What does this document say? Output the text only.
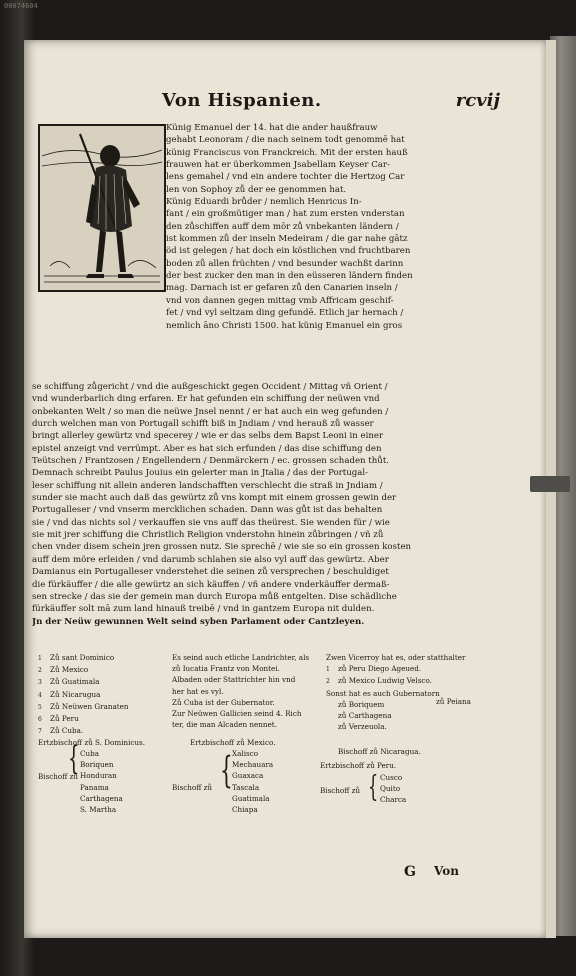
00074604
Von Hispanien.	rcvij
Künig Emanuel der 14. hat die ander haußfrauw
gehabt Leonoram / die nach seinem todt genommē hat
künig Franciscus von Franckreich. Mit der ersten hauß
frauwen hat er überkommen Jsabellam Keyser Car-
lens gemahel / vnd ein andere tochter die Hertzog Car
len von Sophoy zů der ee genommen hat.
Künig Eduardi brůder / nemlich Henricus In-
fant / ein großmütiger man / hat zum ersten vnderstan
den zůschiffen auff dem mōr zů vnbekanten ländern /
ist kommen zů der inseln Medeiram / die gar nahe gātz
öd ist gelegen / hat doch ein köstlichen vnd fruchtbaren
boden zů allen früchten / vnd besunder wachßt darinn
der best zucker den man in den eüsseren ländern finden
mag. Darnach ist er gefaren zů den Canarien inseln /
vnd von dannen gegen mittag vmb Affricam geschif-
fet / vnd vyl seltzam ding gefundē. Etlich jar hernach /
nemlich āno Christi 1500. hat künig Emanuel ein gros
se schiffung zůgericht / vnd die außgeschickt gegen Occident / Mittag vñ Orient /
vnd wunderbarlich ding erfaren. Er hat gefunden ein schiffung der neüwen vnd
onbekanten Welt / so man die neüwe Jnsel nennt / er hat auch ein weg gefunden /
durch welchen man von Portugall schifft biß in Jndiam / vnd herauß zů wasser
bringt allerley gewürtz vnd specerey / wie er das selbs dem Bapst Leoni in einer
epistel anzeigt vnd verrümpt. Aber es hat sich erfunden / das dise schiffung den
Teütschen / Frantzosen / Engellendern / Denmärckern / ec. grossen schaden thůt.
Demnach schreibt Paulus Jouius ein gelerter man in Jtalia / das der Portugal-
leser schiffung nit allein anderen landschafften verschlecht die straß in Jndiam /
sunder sie macht auch daß das gewürtz zů vns kompt mit einem grossen gewin der
Portugalleser / vnd vnserm mercklichen schaden. Dann was gůt ist das behalten
sie / vnd das nichts sol / verkauffen sie vns auff das theürest. Sie wenden für / wie
sie mit jrer schiffung die Christlich Religion vnderstohn hinein zůbringen / vñ zů
chen vnder disem schein jren grossen nutz. Sie sprechē / wie sie so ein grossen kosten
auff dem möre erleiden / vnd darumb schlahen sie also vyl auff das gewürtz. Aber
Damianus ein Portugalleser vnderstehet die seinen zů versprechen / beschuldiget
die fürkäuffer / die alle gewürtz an sich käuffen / vñ andere vnderkäuffer dermaß-
sen strecke / das sie der gemein man durch Europa můß entgelten. Dise schädliche
fürkäuffer solt mā zum land hinauß treibē / vnd in gantzem Europa nit dulden.
Jn der Neüw gewunnen Welt seind syben Parlament oder Cantzleyen.
1 Zů sant Dominico
2 Zů Mexico
3 Zů Guatimala
4 Zů Nicarugua
5 Zů Neüwen Granaten
6 Zů Peru
7 Zů Cuba.
Es seind auch etliche Landrichter, als
zů Iucatia Frantz von Montei.
Albaden oder Stattrichter hin vnd
her hat es vyl.
Zů Cuba ist der Gubernator.
Zur Neüwen Gallicien seind 4. Rich
ter, die man Alcaden nennet.
Zwen Vicerroy hat es, oder statthalter
1 zů Peru Diego Ageued.
2 zů Mexico Ludwig Velsco.
Sonst hat es auch Gubernatorn
zů Boriquem
zů Carthagena
zů Verzeuola.
zů Peiana
Ertzbischoff zů S. Dominicus.
{
Bischoff zů
Cuba
Boriquen
Honduran
Panama
Carthagena
S. Martha
Ertzbischoff zů Mexico.
Bischoff zů { Xalisco
Mechauara
Guaxaca
Tascala
Guatimala
Chiapa
Bischoff zů Nicaragua.
Ertzbischoff zů Peru.
Bischoff zů { Cusco
Quito
Charca
G Von
